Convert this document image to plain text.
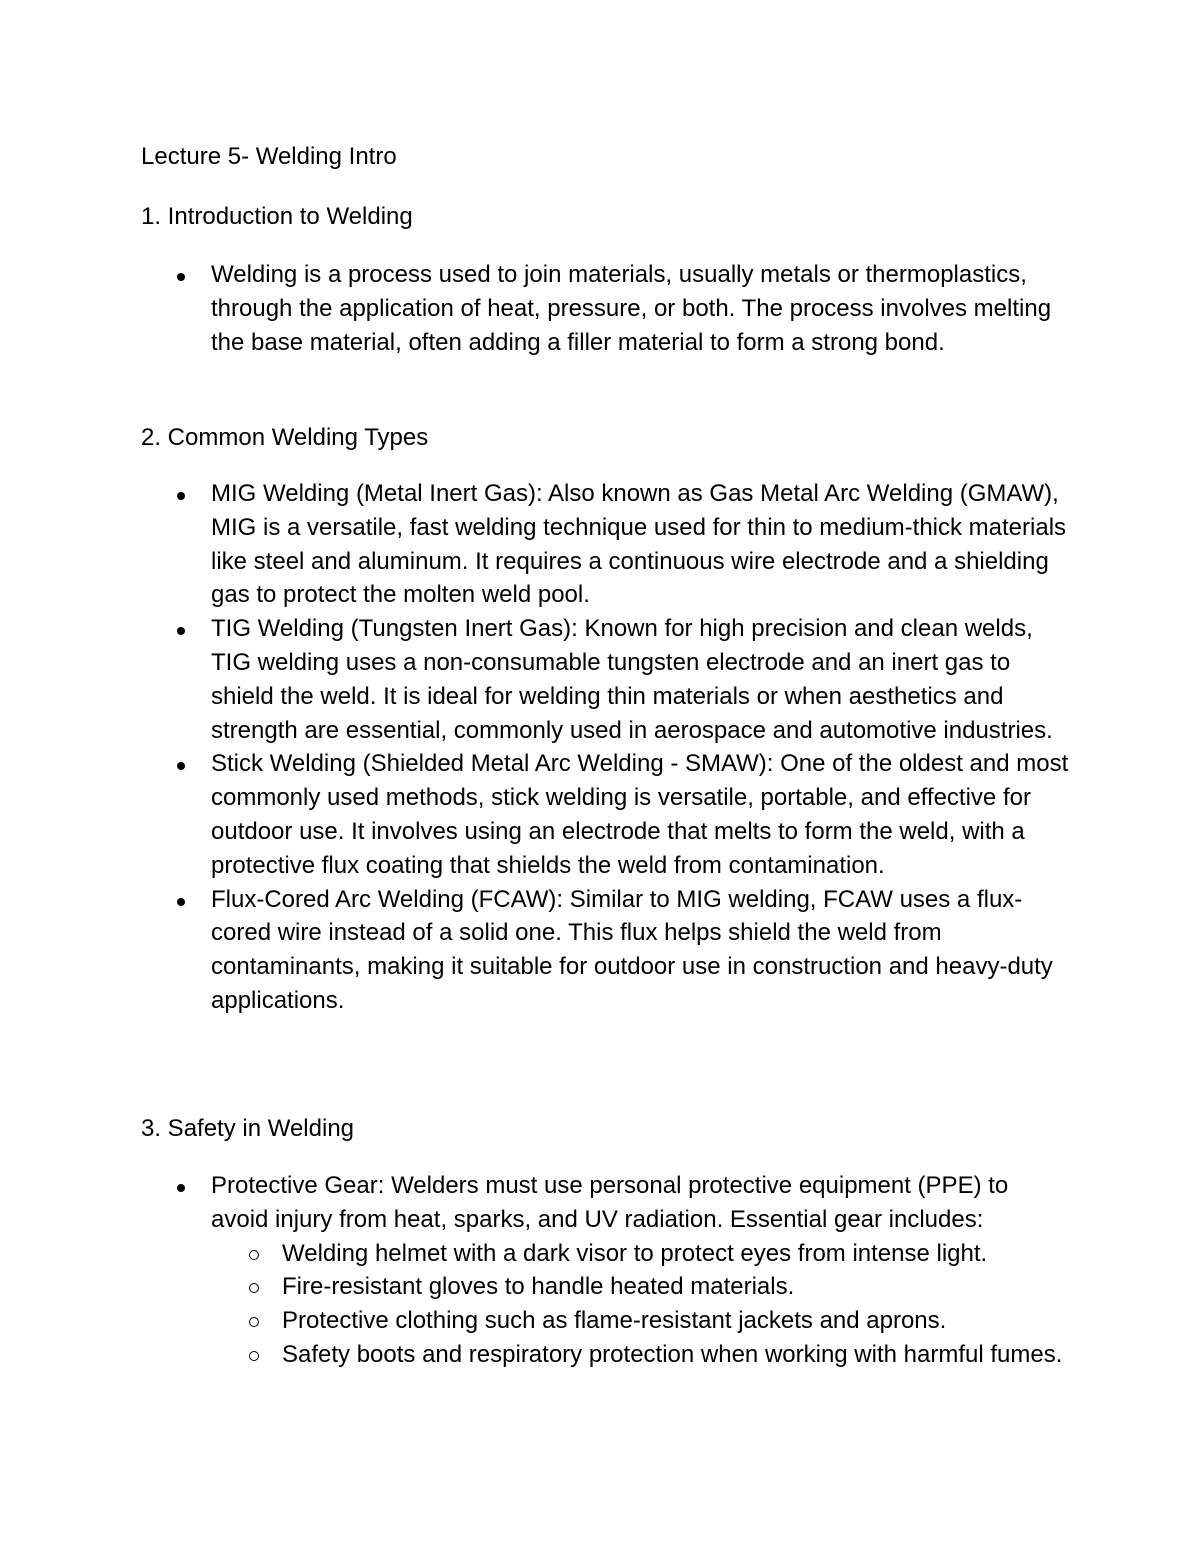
Lecture 5- Welding Intro
1. Introduction to Welding
Welding is a process used to join materials, usually metals or thermoplastics, through the application of heat, pressure, or both. The process involves melting the base material, often adding a filler material to form a strong bond.
2. Common Welding Types
MIG Welding (Metal Inert Gas): Also known as Gas Metal Arc Welding (GMAW), MIG is a versatile, fast welding technique used for thin to medium-thick materials like steel and aluminum. It requires a continuous wire electrode and a shielding gas to protect the molten weld pool.
TIG Welding (Tungsten Inert Gas): Known for high precision and clean welds, TIG welding uses a non-consumable tungsten electrode and an inert gas to shield the weld. It is ideal for welding thin materials or when aesthetics and strength are essential, commonly used in aerospace and automotive industries.
Stick Welding (Shielded Metal Arc Welding - SMAW): One of the oldest and most commonly used methods, stick welding is versatile, portable, and effective for outdoor use. It involves using an electrode that melts to form the weld, with a protective flux coating that shields the weld from contamination.
Flux-Cored Arc Welding (FCAW): Similar to MIG welding, FCAW uses a flux-cored wire instead of a solid one. This flux helps shield the weld from contaminants, making it suitable for outdoor use in construction and heavy-duty applications.
3. Safety in Welding
Protective Gear: Welders must use personal protective equipment (PPE) to avoid injury from heat, sparks, and UV radiation. Essential gear includes:
Welding helmet with a dark visor to protect eyes from intense light.
Fire-resistant gloves to handle heated materials.
Protective clothing such as flame-resistant jackets and aprons.
Safety boots and respiratory protection when working with harmful fumes.
